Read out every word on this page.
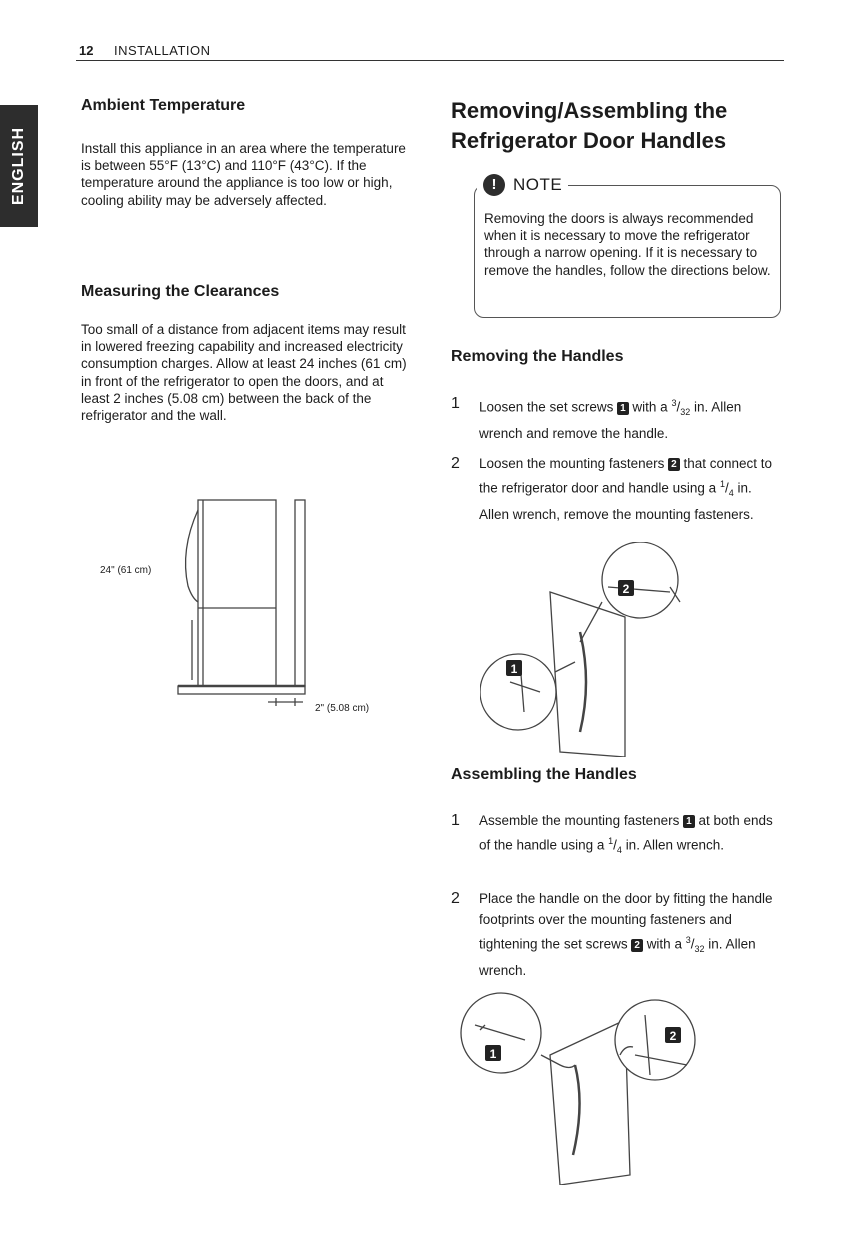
12 INSTALLATION
ENGLISH
Ambient Temperature

Install this appliance in an area where the temperature is between 55°F (13°C) and 110°F (43°C). If the temperature around the appliance is too low or high, cooling ability may be adversely affected.

Measuring the Clearances

Too small of a distance from adjacent items may result in lowered freezing capability and increased electricity consumption charges. Allow at least 24 inches (61 cm) in front of the refrigerator to open the doors, and at least 2 inches (5.08 cm) between the back of the refrigerator and the wall.

24" (61 cm)
2" (5.08 cm)
Removing/Assembling the
Refrigerator Door Handles
! NOTE

Removing the doors is always recommended when it is necessary to move the refrigerator through a narrow opening. If it is necessary to remove the handles, follow the directions below.

Removing the Handles
1 Loosen the set screws 1 with a $^3/_{32}$ in. Allen wrench and remove the handle.
2 Loosen the mounting fasteners 2 that connect to the refrigerator door and handle using a $^1/_4$ in. Allen wrench, remove the mounting fasteners.
2
1
Assembling the Handles
1 Assemble the mounting fasteners 1 at both ends of the handle using a $^1/_4$ in. Allen wrench.
2 Place the handle on the door by fitting the handle footprints over the mounting fasteners and tightening the set screws 2 with a $^3/_{32}$ in. Allen wrench.
1
2
